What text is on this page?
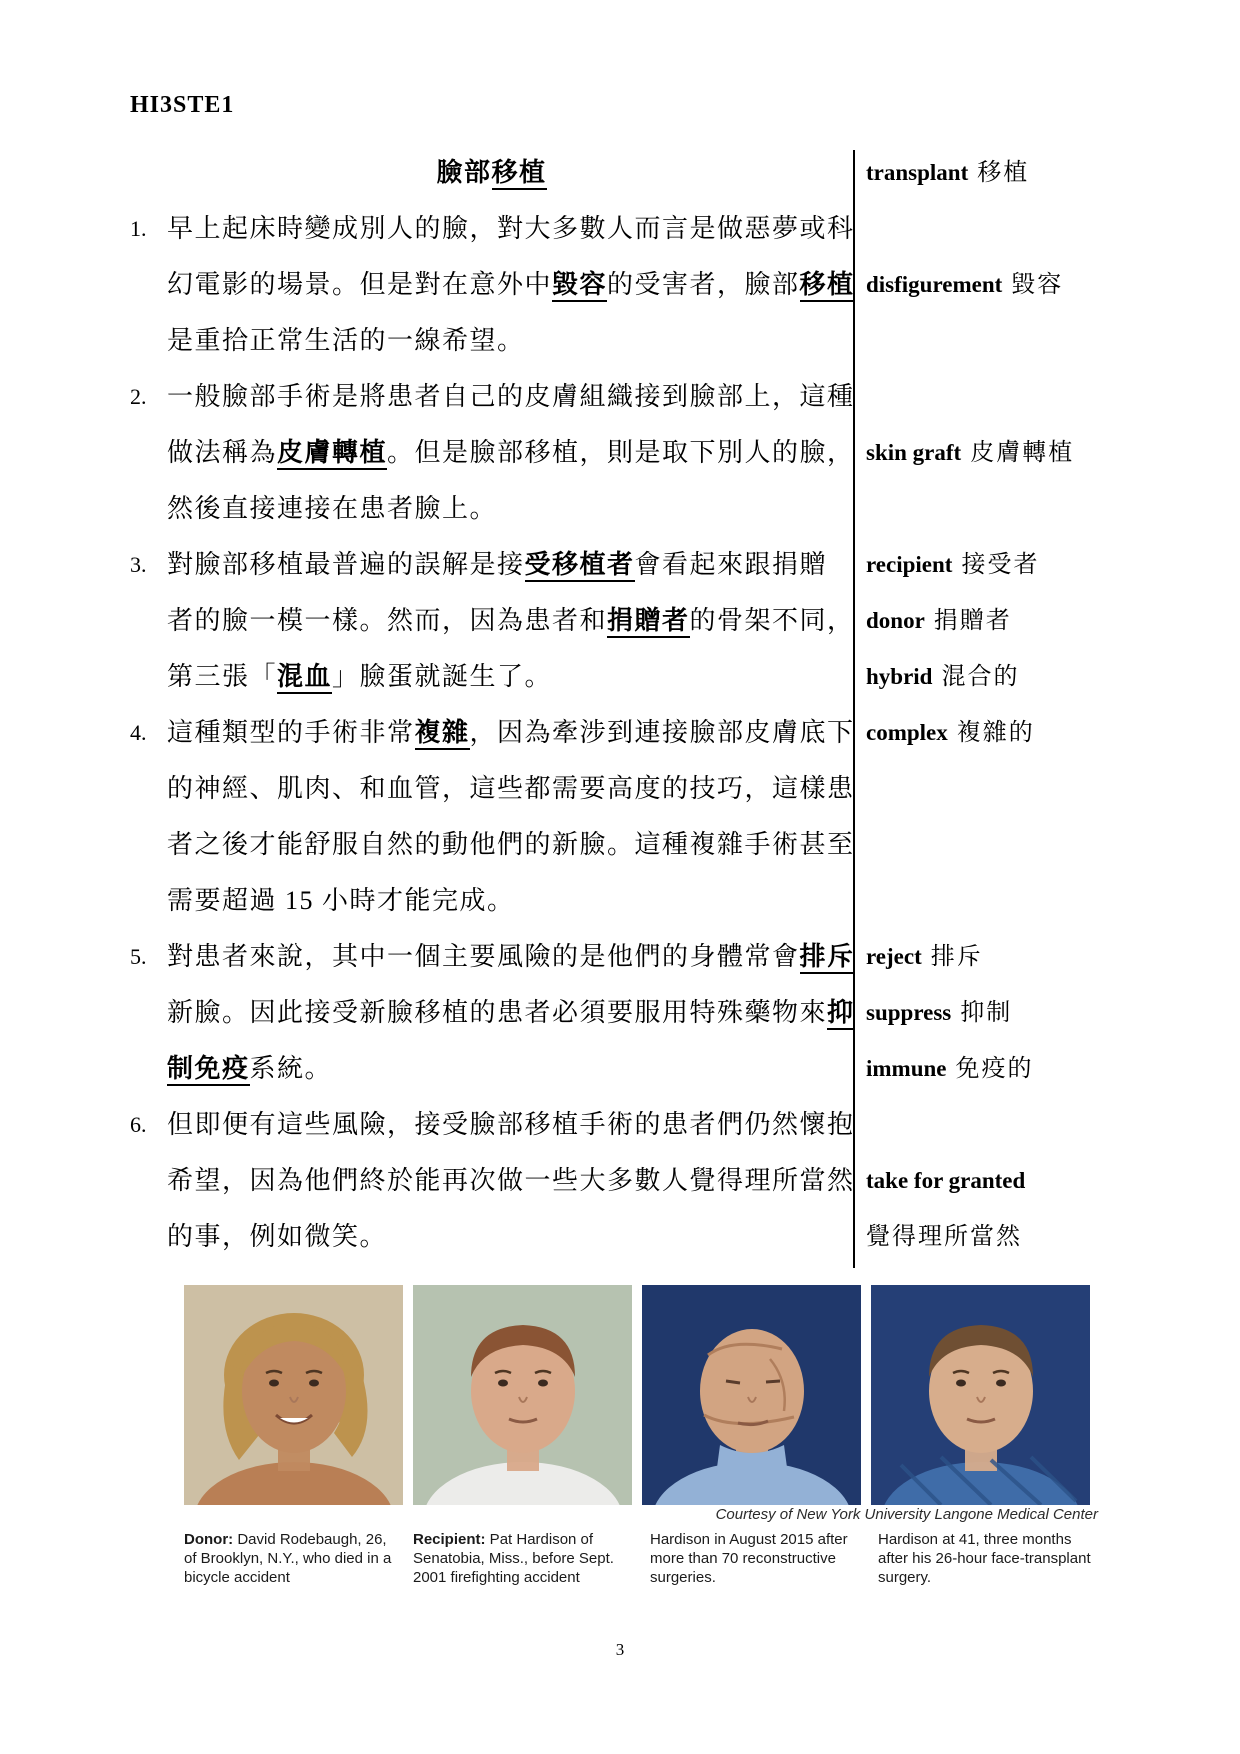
HI3STE1
臉部移植
1. 早上起床時變成別人的臉，對大多數人而言是做惡夢或科
幻電影的場景。但是對在意外中毀容的受害者，臉部移植
是重拾正常生活的一線希望。
2. 一般臉部手術是將患者自己的皮膚組織接到臉部上，這種
做法稱為皮膚轉植。但是臉部移植，則是取下別人的臉，
然後直接連接在患者臉上。
3. 對臉部移植最普遍的誤解是接受移植者會看起來跟捐贈
者的臉一模一樣。然而，因為患者和捐贈者的骨架不同，
第三張「混血」臉蛋就誕生了。
4. 這種類型的手術非常複雜，因為牽涉到連接臉部皮膚底下
的神經、肌肉、和血管，這些都需要高度的技巧，這樣患
者之後才能舒服自然的動他們的新臉。這種複雜手術甚至
需要超過 15 小時才能完成。
5. 對患者來說，其中一個主要風險的是他們的身體常會排斥
新臉。因此接受新臉移植的患者必須要服用特殊藥物來抑
制免疫系統。
6. 但即便有這些風險，接受臉部移植手術的患者們仍然懷抱
希望，因為他們終於能再次做一些大多數人覺得理所當然
的事，例如微笑。
transplant 移植
disfigurement 毀容
skin graft 皮膚轉植
recipient 接受者
donor 捐贈者
hybrid 混合的
complex 複雜的
reject 排斥
suppress 抑制
immune 免疫的
take for granted
覺得理所當然
Courtesy of New York University Langone Medical Center
Donor: David Rodebaugh, 26, of Brooklyn, N.Y., who died in a bicycle accident
Recipient: Pat Hardison of Senatobia, Miss., before Sept. 2001 firefighting accident
Hardison in August 2015 after more than 70 reconstructive surgeries.
Hardison at 41, three months after his 26-hour face-transplant surgery.
3
